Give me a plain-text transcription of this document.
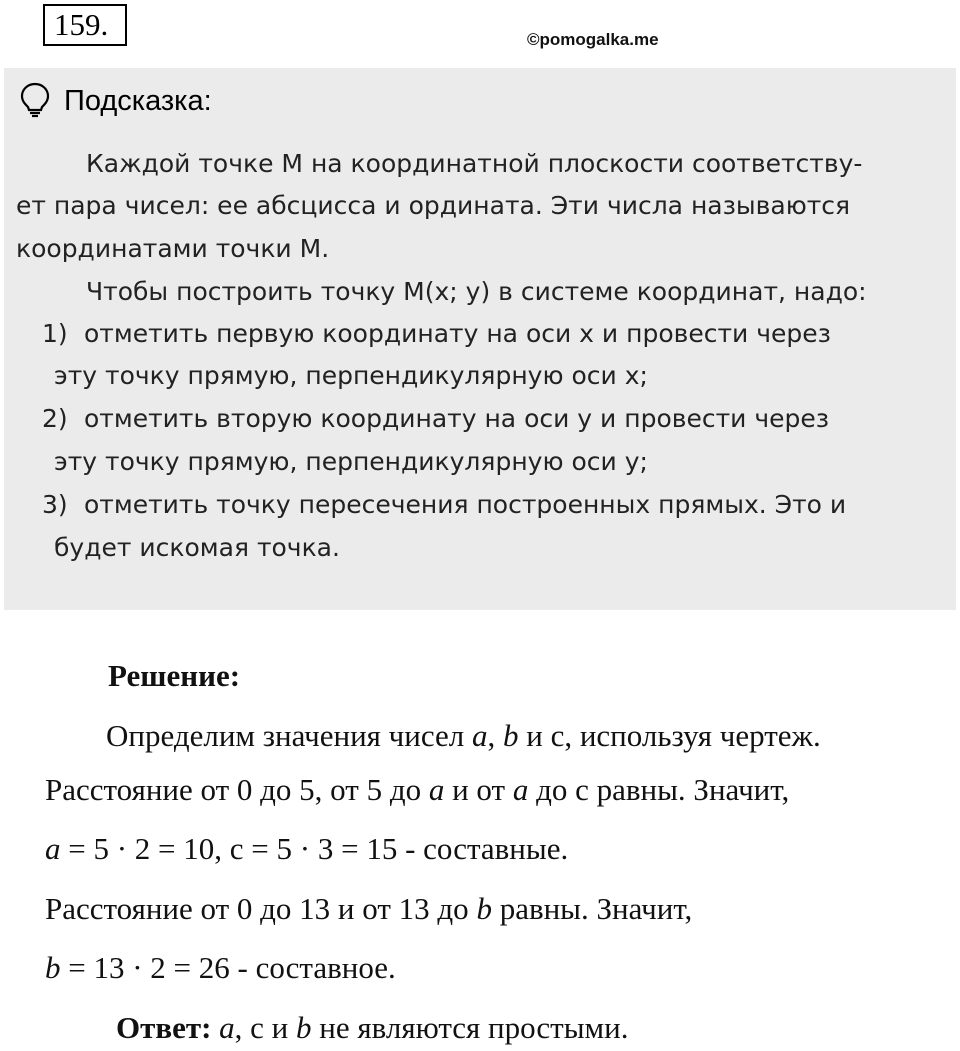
159.	©pomogalka.me
Подсказка:
Каждой точке М на координатной плоскости соответству-
ет пара чисел: ее абсцисса и ордината. Эти числа называются
координатами точки М.
Чтобы построить точку М(х; у) в системе координат, надо:
1) отметить первую координату на оси х и провести через
эту точку прямую, перпендикулярную оси х;
2) отметить вторую координату на оси у и провести через
эту точку прямую, перпендикулярную оси у;
3) отметить точку пересечения построенных прямых. Это и
будет искомая точка.
Решение:
Определим значения чисел a, b и с, используя чертеж.
Расстояние от 0 до 5, от 5 до a и от a до с равны. Значит,
a = 5 · 2 = 10, с = 5 · 3 = 15 - составные.
Расстояние от 0 до 13 и от 13 до b равны. Значит,
b = 13 · 2 = 26 - составное.
Ответ: a, с и b не являются простыми.
